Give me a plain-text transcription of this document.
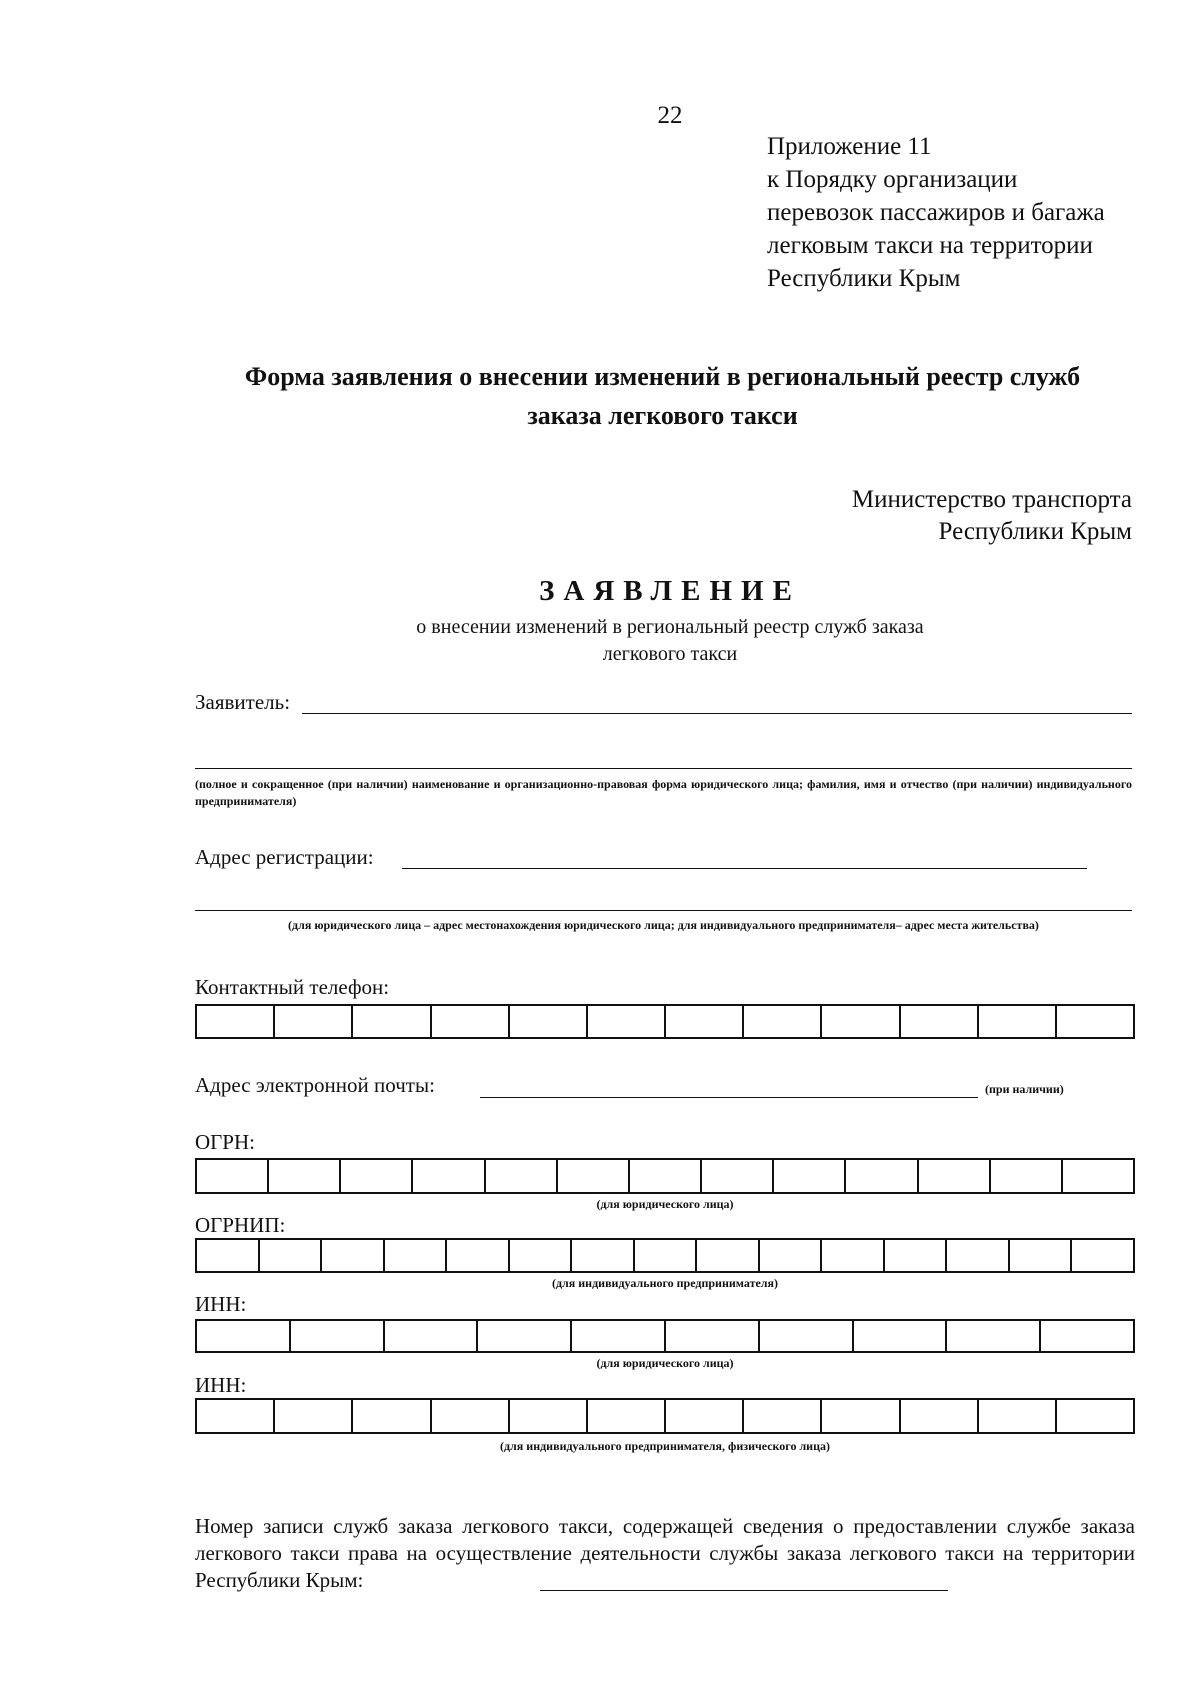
22
Приложение 11
к Порядку организации
перевозок пассажиров и багажа
легковым такси на территории
Республики Крым
Форма заявления о внесении изменений в региональный реестр служб
заказа легкового такси
Министерство транспорта
Республики Крым
ЗАЯВЛЕНИЕ
о внесении изменений в региональный реестр служб заказа
легкового такси
Заявитель:
(полное и сокращенное (при наличии) наименование и организационно-правовая форма юридического лица; фамилия, имя и отчество (при наличии) индивидуального предпринимателя)
Адрес регистрации:
(для юридического лица – адрес местонахождения юридического лица; для индивидуального предпринимателя– адрес места жительства)
Контактный телефон:
Адрес электронной почты:	(при наличии)
ОГРН:
(для юридического лица)
ОГРНИП:
(для индивидуального предпринимателя)
ИНН:
(для юридического лица)
ИНН:
(для индивидуального предпринимателя, физического лица)
Номер записи служб заказа легкового такси, содержащей сведения о предоставлении службе заказа легкового такси права на осуществление деятельности службы заказа легкового такси на территории Республики Крым:
